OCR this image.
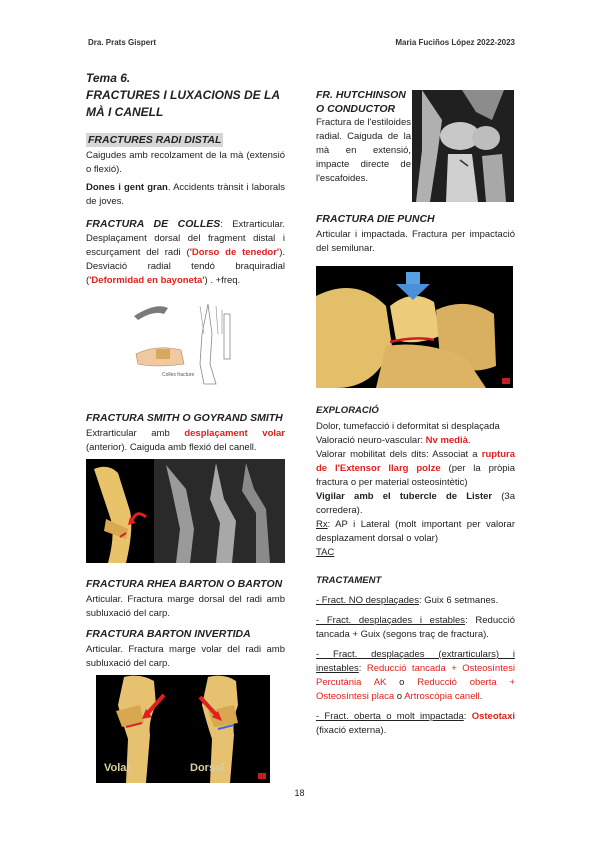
Dra. Prats Gispert	Maria Fuciños López 2022-2023
Tema 6.
FRACTURES I LUXACIONS DE LA MÀ I CANELL
FRACTURES RADI DISTAL

Caigudes amb recolzament de la mà (extensió o flexió).

Dones i gent gran. Accidents trànsit i laborals de joves.

FRACTURA DE COLLES: Extrarticular. Desplaçament dorsal del fragment distal i escurçament del radi ('Dorso de tenedor'). Desviació radial tendó braquiradial ('Deformidad en bayoneta') . +freq.

Colles fracture
FRACTURA SMITH O GOYRAND SMITH

Extrarticular amb desplaçament volar (anterior). Caiguda amb flexió del canell.

FRACTURA RHEA BARTON O BARTON

Articular. Fractura marge dorsal del radi amb subluxació del carp.

FRACTURA BARTON INVERTIDA

Articular. Fractura marge volar del radi amb subluxació del carp.

Volar	Dorsal
FR. HUTCHINSON
O CONDUCTOR

Fractura de l'estiloides radial. Caiguda de la mà en extensió, impacte directe de l'escafoides.

FRACTURA DIE PUNCH

Articular i impactada. Fractura per impactació del semilunar.

EXPLORACIÓ

Dolor, tumefacció i deformitat si desplaçada

Valoració neuro-vascular: Nv medià.

Valorar mobilitat dels dits: Associat a ruptura de l'Extensor llarg polze (per la pròpia fractura o per material osteosintètic)

Vigilar amb el tubercle de Lister (3a corredera).

Rx: AP i Lateral (molt important per valorar desplazament dorsal o volar)

TAC

TRACTAMENT

- Fract. NO desplaçades: Guix 6 setmanes.

- Fract. desplaçades i estables: Reducció tancada + Guix (segons traç de fractura).

- Fract. desplaçades (extrarticulars) i inestables: Reducció tancada + Osteosíntesi Percutània AK o Reducció oberta + Osteosíntesi placa o Artroscòpia canell.

- Fract. oberta o molt impactada: Osteotaxi (fixació externa).

18
